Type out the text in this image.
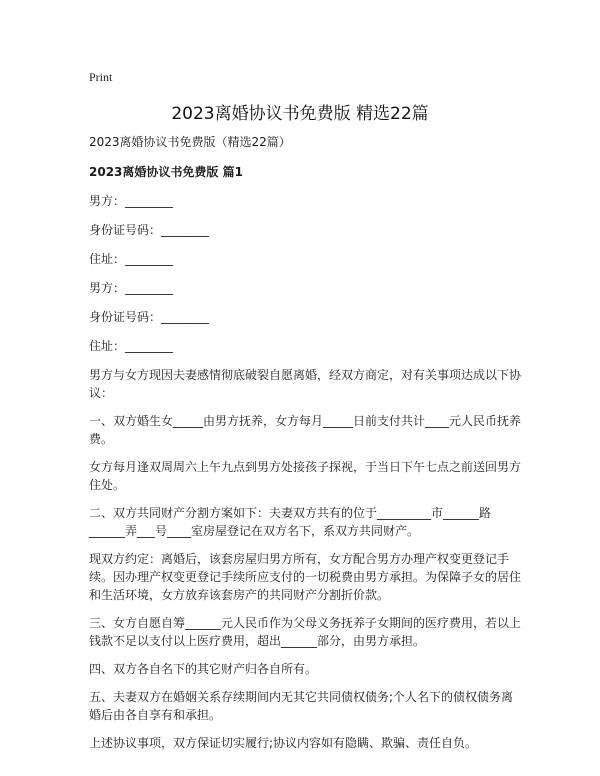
Print
2023离婚协议书免费版 精选22篇

2023离婚协议书免费版（精选22篇）

2023离婚协议书免费版 篇1

男方：________

身份证号码：________

住址：________

男方：________

身份证号码：________

住址：________

男方与女方现因夫妻感情彻底破裂自愿离婚，经双方商定，对有关事项达成以下协议：

一、双方婚生女_____由男方抚养，女方每月_____日前支付共计____元人民币抚养费。

女方每月逢双周周六上午九点到男方处接孩子探视，于当日下午七点之前送回男方住处。

二、双方共同财产分割方案如下：夫妻双方共有的位于_________市______路______弄___号____室房屋登记在双方名下，系双方共同财产。

现双方约定：离婚后，该套房屋归男方所有，女方配合男方办理产权变更登记手续。因办理产权变更登记手续所应支付的一切税费由男方承担。为保障子女的居住和生活环境，女方放弃该套房产的共同财产分割折价款。

三、女方自愿自筹______元人民币作为父母义务抚养子女期间的医疗费用，若以上钱款不足以支付以上医疗费用，超出______部分，由男方承担。

四、双方各自名下的其它财产归各自所有。

五、夫妻双方在婚姻关系存续期间内无其它共同债权债务;个人名下的债权债务离婚后由各自享有和承担。

上述协议事项，双方保证切实履行;协议内容如有隐瞒、欺骗、责任自负。
